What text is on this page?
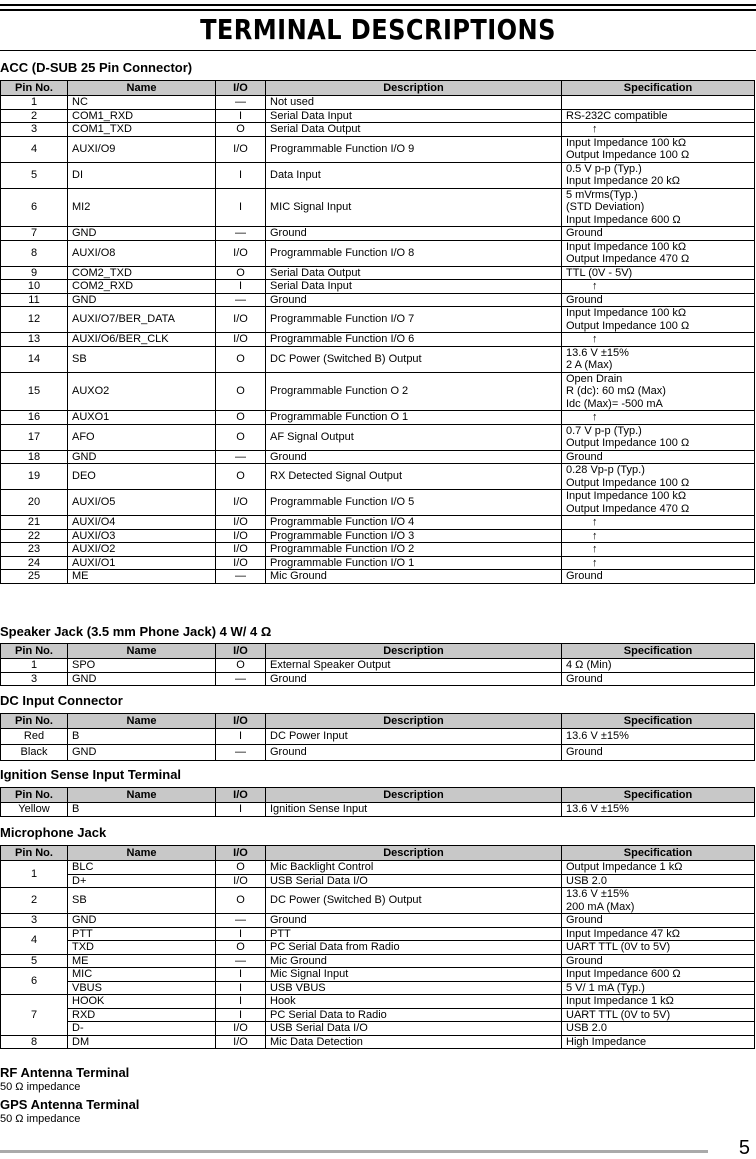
TERMINAL DESCRIPTIONS
ACC (D-SUB 25 Pin Connector)
Pin No.	Name	I/O	Description	Specification
1	NC	—	Not used	
2	COM1_RXD	I	Serial Data Input	RS-232C compatible
3	COM1_TXD	O	Serial Data Output	↑
4	AUXI/O9	I/O	Programmable Function I/O 9	Input Impedance 100 kΩ
Output Impedance 100 Ω
5	DI	I	Data Input	0.5 V p-p (Typ.)
Input Impedance 20 kΩ
6	MI2	I	MIC Signal Input	5 mVrms(Typ.)
(STD Deviation)
Input Impedance 600 Ω
7	GND	—	Ground	Ground
8	AUXI/O8	I/O	Programmable Function I/O 8	Input Impedance 100 kΩ
Output Impedance 470 Ω
9	COM2_TXD	O	Serial Data Output	TTL (0V - 5V)
10	COM2_RXD	I	Serial Data Input	↑
11	GND	—	Ground	Ground
12	AUXI/O7/BER_DATA	I/O	Programmable Function I/O 7	Input Impedance 100 kΩ
Output Impedance 100 Ω
13	AUXI/O6/BER_CLK	I/O	Programmable Function I/O 6	↑
14	SB	O	DC Power (Switched B) Output	13.6 V ±15%
2 A (Max)
15	AUXO2	O	Programmable Function O 2	Open Drain
R (dc): 60 mΩ (Max)
Idc (Max)= -500 mA
16	AUXO1	O	Programmable Function O 1	↑
17	AFO	O	AF Signal Output	0.7 V p-p (Typ.)
Output Impedance 100 Ω
18	GND	—	Ground	Ground
19	DEO	O	RX Detected Signal Output	0.28 Vp-p (Typ.)
Output Impedance 100 Ω
20	AUXI/O5	I/O	Programmable Function I/O 5	Input Impedance 100 kΩ
Output Impedance 470 Ω
21	AUXI/O4	I/O	Programmable Function I/O 4	↑
22	AUXI/O3	I/O	Programmable Function I/O 3	↑
23	AUXI/O2	I/O	Programmable Function I/O 2	↑
24	AUXI/O1	I/O	Programmable Function I/O 1	↑
25	ME	—	Mic Ground	Ground
Speaker Jack (3.5 mm Phone Jack) 4 W/ 4 Ω
Pin No.	Name	I/O	Description	Specification
1	SPO	O	External Speaker Output	4 Ω (Min)
3	GND	—	Ground	Ground
DC Input Connector
Pin No.	Name	I/O	Description	Specification
Red	B	I	DC Power Input	13.6 V ±15%
Black	GND	—	Ground	Ground
Ignition Sense Input Terminal
Pin No.	Name	I/O	Description	Specification
Yellow	B	I	Ignition Sense Input	13.6 V ±15%
Microphone Jack
Pin No.	Name	I/O	Description	Specification
1	BLC	O	Mic Backlight Control	Output Impedance 1 kΩ
	D+	I/O	USB Serial Data I/O	USB 2.0
2	SB	O	DC Power (Switched B) Output	13.6 V ±15%
200 mA (Max)
3	GND	—	Ground	Ground
4	PTT	I	PTT	Input Impedance 47 kΩ
	TXD	O	PC Serial Data from Radio	UART TTL (0V to 5V)
5	ME	—	Mic Ground	Ground
6	MIC	I	Mic Signal Input	Input Impedance 600 Ω
	VBUS	I	USB VBUS	5 V/ 1 mA (Typ.)
7	HOOK	I	Hook	Input Impedance 1 kΩ
	RXD	I	PC Serial Data to Radio	UART TTL (0V to 5V)
	D-	I/O	USB Serial Data I/O	USB 2.0
8	DM	I/O	Mic Data Detection	High Impedance
RF Antenna Terminal
50 Ω impedance
GPS Antenna Terminal
50 Ω impedance
5
